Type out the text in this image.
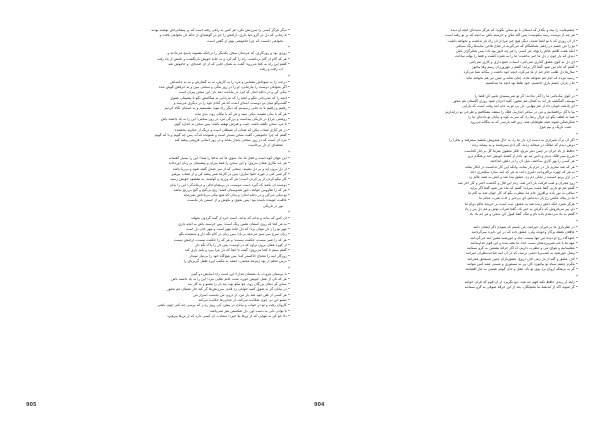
• دیگر هرگز کسی را سرزنش نکن؛ هر کس به راهی رفته است که بر پیشانی‌اش نوشته بودند
• تا زمانی که دل در گرو دنیا داری، آرامش را جز در گوشه‌ای از خانهٔ دل نخواهی یافت و
نخواهی دانست که چرا خاموشی بهتر از گفتن است
*
• روزی بود و روزگاری، که مردمان سخن یکدیگر را بی‌آنکه بشنوند پاسخ می‌دادند و
• هر که گام از گام برداشت، راه را گم کرد و به خانهٔ خویش بازنگشت و نامش از یاد رفت
• گفتم این راه به کجا می‌رود؛ گفت به همان جایی که از آن آمده‌ای، و خاموش شد
آب رفت و رفت
*
• درخت را به میوه‌اش بشناس و مرد را به کارش، نه به گفتارش و نه به جامه‌اش
• اگر بخواهی دوست را بیازمایی، او را در روز تنگی و سختی ببین و به حرفش گوش مده
• نیکی کن و در دجله انداز که ایزد در بیابانت دهد باز؛ این سخن پیران است
• آنچه را که نمی‌دانی مگو و آنچه را که می‌دانی به هنگامش بگو تا پشیمان نشوی
• گفت‌وگو میان دو دوست، آینه‌ای است که هر کدام خود را در دیگری می‌بیند و
• رفتیم و رفتیم تا به جایی رسیدیم که دیگر راه نبود؛ نشستیم و به آسمان نگاه کردیم
• هر که با بدان نشیند، نیکی نبیند و هر که با نیکان رود، بدی نیابد
• روشنی چراغ در تاریکی پیداست و بزرگی مرد در روز سختی؛ این را به یاد داشته باش
• تا مرد سخن نگفته باشد، عیب و هنرش نهفته باشد؛ پس سخن به اندازه گوی
• در هر کاری شتاب مکن که شتاب از شیطان است و درنگ از خداوند بخشنده
• گفتم که چرا خاموشی؛ گفت سخن بسیار است و شنونده اندک، پس چه گویم و با که گویم
• مرد آن است که در روز سختی پایدار بماند و در روز آسانی فروتنی پیشه کند
شعله‌ای از دل برخاست
*
• این جهان کوه است و فعل ما ندا، سوی ما آید نداها را صدا؛ این را بسیار گفته‌اند
• هر چه بکاری همان بدروی؛ و این سخن را همهٔ پیران و پیشینیان بر زبان آورده‌اند
• از دل برون آید و بر دل نشیند، سخنی که از سر صدق گفته شود و بی‌ریا باشد
• گر صبر کنی ز غوره حلوا سازی؛ پس در کارها صبر پیشه کن و از شتاب بپرهیز
• کار نیکو کردن از پر کردن است؛ هر که ورزید و کوشید، به مقصود خویش رسید
• دوست آن باشد که گیرد دست دوست، در پریشان‌حالی و درماندگی؛ این را بدان
• هر که را طاووس خواهد، جور هندوستان کشد؛ رنج بی‌گنج و گنج بی‌رنج نباشد
• تو نیکی می‌کن و در دجله انداز؛ و بدان که هیچ نیکی بی‌پاداش نمی‌ماند
• عاقبت جوینده یابنده بود؛ پس بجوی و بکوش و از جستن باز مایست
نور در تاریکی
*
• آن کس که بداند و بداند که بداند، اسب خرد از گنبد گردون بجهاند
• به هر کجا که روی آسمان همین رنگ است؛ پس خرسند باش به آنچه داری
• مهر تو را ز دل نتوان برد؛ که دل خانهٔ مهر است و مهر جان دل است
• زبان سرخ سر سبز می‌دهد بر باد؛ پس زبان در کام نگه دار و سنجیده بگو
• هر که را صبر نیست، حکمت نیست؛ و هر که را حکمت نیست، آرامش نیست
• از کوزه همان برون تراود که در اوست؛ پس دل را پاک نگه دار
• گفتم ببینم تا کجا می‌روی؛ گفت تا آنجا که دل مرا ببرد و پایم یاری کند
• روزگار آینه را محتاج خاکستر کند؛ پس هیچ‌گاه خود را بی‌نیاز مپندار
• درس معلم ار بود زمزمهٔ محبتی، جمعه به مکتب آورد طفل گریزپای را
*
• با دوستان مروت، با دشمنان مدارا؛ این است راه آسایش دو گیتی
• هر که نان از عمل خویش خورد، منت حاتم طایی نبرد؛ این را به یاد داشته باش
• سخن کز دهان بزرگان رود، چو نیکو بود، پند آن را بشنو و به کار بند
• در بیابان گر به شوق کعبه خواهی زد قدم، سرزنش‌ها گر کند خار مغیلان غم مخور
• هر کسی از ظن خود شد یار من، از درون من نجست اسرار من
• بشنو این نی چون شکایت می‌کند، از جدایی‌ها حکایت می‌کند
• کاروان رفت و تو در خواب و بیابان در پیش؛ کی روی ره ز که پرسی چه کنی چون باشی
• تا توانی دلی به دست آور، دل شکستن هنر نمی‌باشد
• دلا خو کن به تنهایی که از تن‌ها بلا خیزد؛ سعادت آن کسی دارد که از تن‌ها بپرهیزد
• چشم‌هایت را ببند و بگذار که آسمان با تو سخن بگوید؛ که هرگز ندیده‌ای آنچه او دیده
• هر چه از دوست رسد نیکوست؛ پس گله مکن و خرسند باش به آنچه که بر تو رفته است
• از آن روزی که با تو آشنا شدم، دیگر هیچ چیز مرا از آن راه باز نداشت و نخواهد داشت
• تو را من چشم در راهم، شباهنگام که می‌گیرند در شاخ تلاجن سایه‌ها رنگ سیاهی
• آنکه هفت اقلیم عالم را نهاد، هر کسی را هر چه لایق بود داد؛ پس شکرگزار باش
• دیدی که یار چون ز دل ما خبر نداشت؛ ما را به غمزه کشت و قضا را بهانه ساخت
• ای دل به کوی عشق گذاری نمی‌کنی، اسباب جمع داری و کاری نمی‌کنی
• گفتم که ماه من شو، گفتا اگر برآید؛ گفتم ز مهرورزان رسم وفا بیاموز
• سال‌ها دل طلب جام جم از ما می‌کرد، آنچه خود داشت ز بیگانه تمنا می‌کرد
• رسید مژده که ایام غم نخواهد ماند، چنان نماند و چنین نیز هم نخواهد ماند
• ما ز یاران چشم یاری داشتیم، خود غلط بود آنچه ما پنداشتیم
*
• در کوی نیک‌نامی ما را گذر ندادند؛ گر تو نمی‌پسندی تغییر کن قضا را
• یوسف گمگشته باز آید به کنعان غم مخور، کلبهٔ احزان شود روزی گلستان غم مخور
• ای پادشه خوبان داد از غم تنهایی، دل بی تو به جان آمد وقت است که بازآیی
• بیا تا گل برافشانیم و می در ساغر اندازیم، فلک را سقف بشکافیم و طرحی نو دراندازیم
• صبا به لطف بگو آن غزال رعنا را، که سر به کوه و بیابان تو داده‌ای ما را
• شکرشکن شوند همه طوطیان هند، زین قند پارسی که به بنگاله می‌رود
شب تاریک و بیم موج
*
• اگر آن ترک شیرازی به دست آرد دل ما را، به خال هندویش بخشم سمرقند و بخارا را
• دوش دیدم که ملائک در میخانه زدند، گل آدم بسرشتند و به پیمانه زدند
• حافظ از باد خزان در چمن دهر مرنج، فکر معقول بفرما گل بی‌خار کجاست
• مزرع سبز فلک دیدم و داس مه نو، یادم از کشتهٔ خویش آمد و هنگام درو
• هر کسی را بهر کاری ساختند، میل آن را در دلش انداختند
• هر که شد محرم دل در حرم یار بماند، وانکه این کار ندانست در انکار بماند
• نه هر که چهره برافروخت دلبری داند، نه هر که آینه سازد سکندری داند
• در ازل پرتو حسنت ز تجلی دم زد، عشق پیدا شد و آتش به همه عالم زد
• روز هجران و شب فرقت یار آخر شد، زدم این فال و گذشت اختر و کار آخر شد
• گفتم غم تو دارم، گفتا غمت سرآید؛ گفتم که ماه من شو، گفتا اگر برآید
• ساقی به نور باده برافروز جام ما، مطرب بگو که کار جهان شد به کام ما
• ما در پیاله عکس رخ یار دیده‌ایم، ای بی‌خبر ز لذت شرب مدام ما
• هرگز نمیرد آنکه دلش زنده شد به عشق، ثبت است بر جریدهٔ عالم دوام ما
• دی پیر می‌فروش که ذکرش به خیر باد، گفتا شراب نوش و غم دل ببر ز یاد
• گفتم به باد می‌دهدم باده نام و ننگ، گفتا قبول کن سخن و هر چه باد باد
*
• در نظربازی ما بی‌خبران حیرانند، من چنینم که نمودم دگر ایشان دانند
• عاقلان نقطهٔ پرگار وجودند ولی، عشق داند که در این دایره سرگردانند
• جلوه‌گاه رخ او دیدهٔ من تنها نیست، ماه و خورشید همین آینه می‌گردانند
• عهد ما با لب شیرین‌دهنان بست خدا، ما همه بنده و این قوم خداوندانند
• مفلسانیم و هوای می و مطرب داریم، آه اگر خرقهٔ پشمین به گرو نستانند
• وصل خورشید به شب‌پرهٔ اعمی نرسد، که در آن آینه صاحب‌نظران حیرانند
• لاف عشق و گله از یار زهی لاف دروغ، عشق‌بازان چنین مستحق هجرانند
• مگرم چشم سیاه تو بیاموزد کار، ور نه مستوری و مستی همه کس نتوانند
• گر به نزهتگه ارواح برد بوی تو باد، عقل و جان گوهر هستی به نثار افشانند
*
• زاهد ار رندی حافظ نکند فهم چه شد، دیو بگریزد از آن قوم که قرآن خوانند
• گر شوند آگه از اندیشهٔ ما مغبچگان، بعد از این خرقهٔ صوفی به گرو نستانند
905	904
